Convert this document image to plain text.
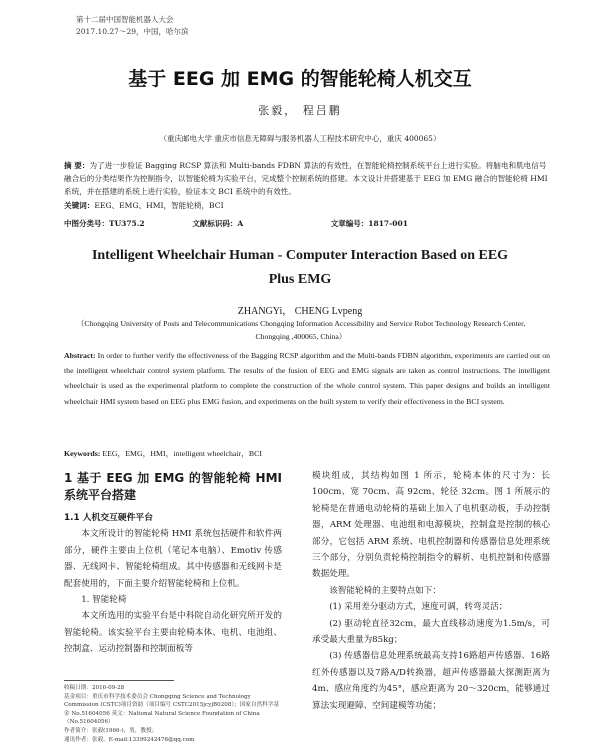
第十二届中国智能机器人大会
2017.10.27～29，中国，哈尔滨
基于 EEG 加 EMG 的智能轮椅人机交互
张毅， 程吕鹏
（重庆邮电大学 重庆市信息无障碍与服务机器人工程技术研究中心，重庆 400065）
摘 要：为了进一步验证 Bagging RCSP 算法和 Multi-bands FDBN 算法的有效性，在智能轮椅控制系统平台上进行实验。将脑电和肌电信号融合后的分类结果作为控制指令，以智能轮椅为实验平台，完成整个控制系统的搭建。本文设计并搭建基于 EEG 加 EMG 融合的智能轮椅 HMI 系统，并在搭建的系统上进行实验，验证本文 BCI 系统中的有效性。
关键词：EEG、EMG、HMI，智能轮椅，BCI
中图分类号：TU375.2	文献标识码：A	文章编号：1817-001
Intelligent Wheelchair Human - Computer Interaction Based on EEG Plus EMG
ZHANGYi， CHENG Lvpeng
（Chongqing University of Posts and Telecommunications Chongqing Information Accessibility and Service Robot Technology Research Center, Chongqing ,400065, China）
Abstract: In order to further verify the effectiveness of the Bagging RCSP algorithm and the Multi-bands FDBN algorithm, experiments are carried out on the intelligent wheelchair control system platform. The results of the fusion of EEG and EMG signals are taken as control instructions. The intelligent wheelchair is used as the experimental platform to complete the construction of the whole control system. This paper designs and builds an intelligent wheelchair HMI system based on EEG plus EMG fusion, and experiments on the built system to verify their effectiveness in the BCI system.
Keywords: EEG，EMG，HMI，intelligent wheelchair，BCI

1 基于 EEG 加 EMG 的智能轮椅 HMI 系统平台搭建

1.1 人机交互硬件平台

本文所设计的智能轮椅 HMI 系统包括硬件和软件两部分，硬件主要由上位机（笔记本电脑）、Emotiv 传感器、无线网卡、智能轮椅组成。其中传感器和无线网卡是配套使用的，下面主要介绍智能轮椅和上位机。

1. 智能轮椅

本文所选用的实验平台是中科院自动化研究所开发的智能轮椅。该实验平台主要由轮椅本体、电机、电池组、控制盒、运动控制器和控制面板等

模块组成，其结构如图 1 所示，轮椅本体的尺寸为：长 100cm、宽 70cm、高 92cm、轮径 32cm。图 1 所展示的轮椅是在普通电动轮椅的基础上加入了电机驱动板，手动控制器，ARM 处理器、电池组和电源模块，控制盒是控制的核心部分，它包括 ARM 系统、电机控制器和传感器信息处理系统三个部分，分别负责轮椅控制指令的解析、电机控制和传感器数据处理。

该智能轮椅的主要特点如下：

(1) 采用差分驱动方式，速度可调，转弯灵活；

(2) 驱动轮直径32cm，最大直线移动速度为1.5m/s，可承受最大重量为85kg；

(3) 传感器信息处理系统最高支持16路超声传感器、16路红外传感器以及7路A/D转换器，超声传感器最大探测距离为4m、感应角度约为45°，感应距离为 20～320cm，能够通过算法实现避障、空间建模等功能；

收稿日期：2016-09-28
基金项目：重庆市科学技术委员会 Chongqing Science and Technology Commission (CSTC)项目资助（项目编号 CSTC2015jcyjB0208）；国家自然科学基金 No.51604056 英文：National Natural Science Foundation of China（No.51604056）
作者简介：张毅(1966-)，男，教授；
通讯作者：张毅，E-mail:13399242476@qq.com
